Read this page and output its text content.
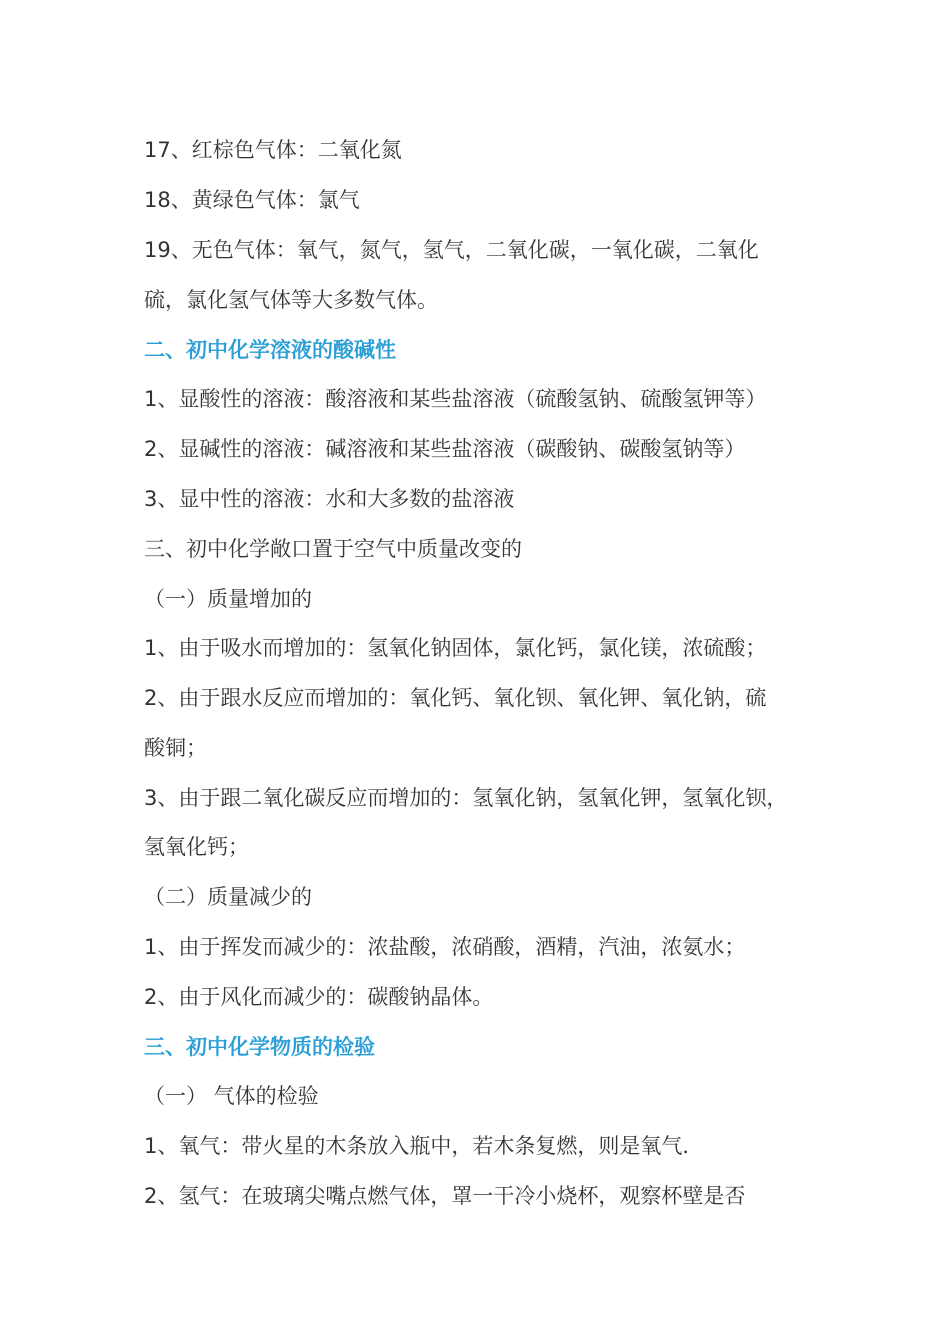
17、红棕色气体：二氧化氮
18、黄绿色气体：氯气
19、无色气体：氧气，氮气，氢气，二氧化碳，一氧化碳，二氧化
硫，氯化氢气体等大多数气体。
二、初中化学溶液的酸碱性
1、显酸性的溶液：酸溶液和某些盐溶液（硫酸氢钠、硫酸氢钾等）
2、显碱性的溶液：碱溶液和某些盐溶液（碳酸钠、碳酸氢钠等）
3、显中性的溶液：水和大多数的盐溶液
三、初中化学敞口置于空气中质量改变的
（一）质量增加的
1、由于吸水而增加的：氢氧化钠固体，氯化钙，氯化镁，浓硫酸；
2、由于跟水反应而增加的：氧化钙、氧化钡、氧化钾、氧化钠，硫
酸铜；
3、由于跟二氧化碳反应而增加的：氢氧化钠，氢氧化钾，氢氧化钡，
氢氧化钙；
（二）质量减少的
1、由于挥发而减少的：浓盐酸，浓硝酸，酒精，汽油，浓氨水；
2、由于风化而减少的：碳酸钠晶体。
三、初中化学物质的检验
（一） 气体的检验
1、氧气：带火星的木条放入瓶中，若木条复燃，则是氧气．
2、氢气：在玻璃尖嘴点燃气体，罩一干冷小烧杯，观察杯壁是否
